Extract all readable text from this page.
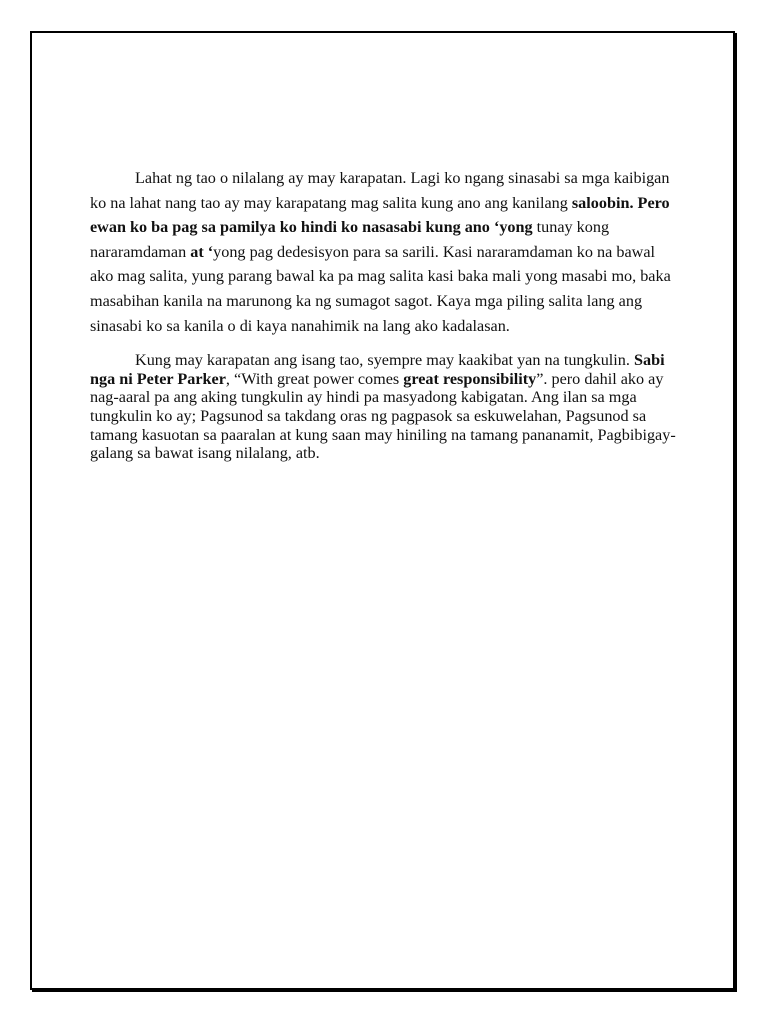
Lahat ng tao o nilalang ay may karapatan. Lagi ko ngang sinasabi sa mga kaibigan ko na lahat nang tao ay may karapatang mag salita kung ano ang kanilang saloobin. Pero ewan ko ba pag sa pamilya ko hindi ko nasasabi kung ano ‘yong tunay kong nararamdaman at ‘yong pag dedesisyon para sa sarili. Kasi nararamdaman ko na bawal ako mag salita, yung parang bawal ka pa mag salita kasi baka mali yong masabi mo, baka masabihan kanila na marunong ka ng sumagot sagot. Kaya mga piling salita lang ang sinasabi ko sa kanila o di kaya nanahimik na lang ako kadalasan.

Kung may karapatan ang isang tao, syempre may kaakibat yan na tungkulin. Sabi nga ni Peter Parker, “With great power comes great responsibility”. pero dahil ako ay nag-aaral pa ang aking tungkulin ay hindi pa masyadong kabigatan. Ang ilan sa mga tungkulin ko ay; Pagsunod sa takdang oras ng pagpasok sa eskuwelahan, Pagsunod sa tamang kasuotan sa paaralan at kung saan may hiniling na tamang pananamit, Pagbibigay-galang sa bawat isang nilalang, atb.
